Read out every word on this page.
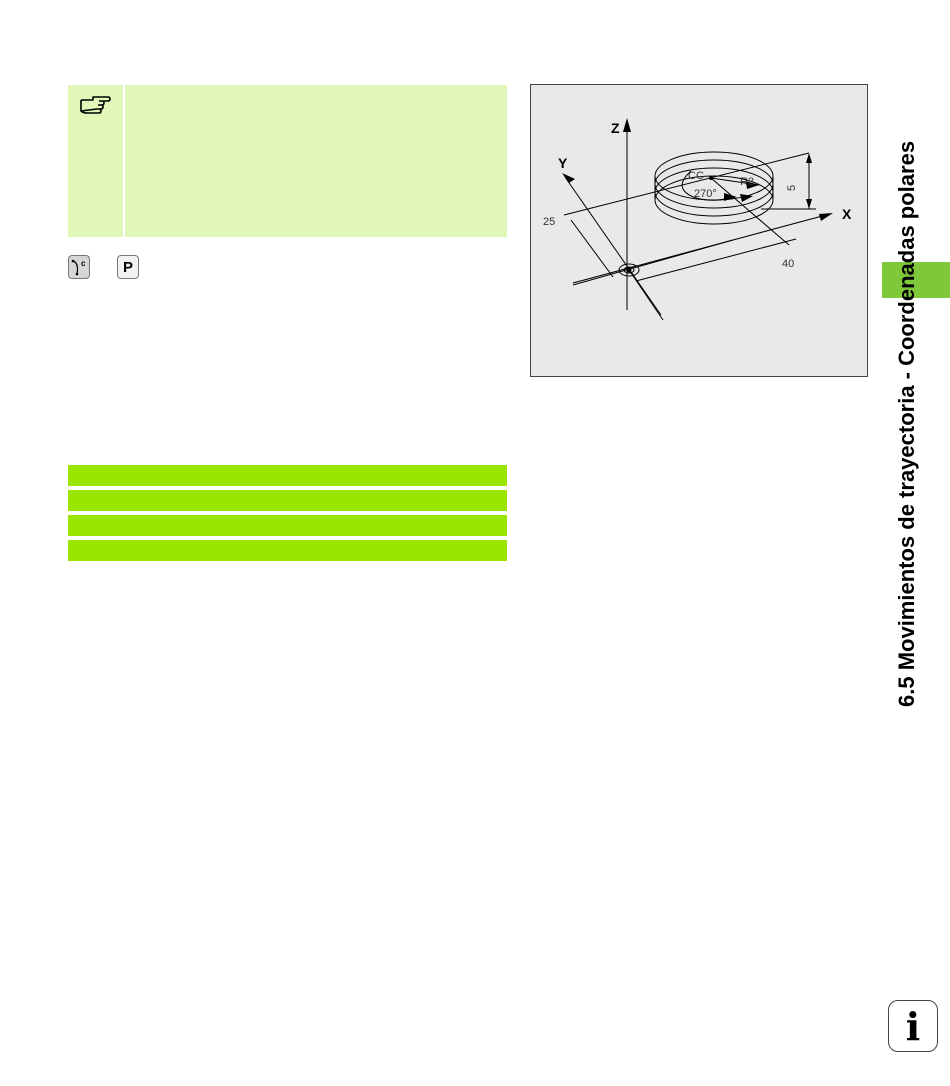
c	P
Z
Y
X
CC	R3
270°
25
40
5	6.5 Movimientos de trayectoria - Coordenadas polares
i
